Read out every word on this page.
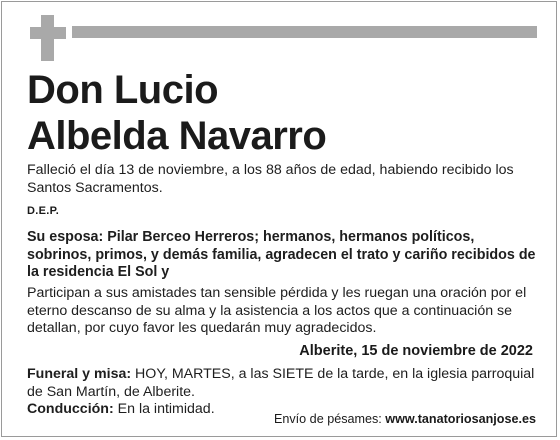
Don Lucio
Albelda Navarro

Falleció el día 13 de noviembre, a los 88 años de edad, habiendo recibido los Santos Sacramentos.

D.E.P.

Su esposa: Pilar Berceo Herreros; hermanos, hermanos políticos, sobrinos, primos, y demás familia, agradecen el trato y cariño recibidos de la residencia El Sol y

Participan a sus amistades tan sensible pérdida y les ruegan una oración por el eterno descanso de su alma y la asistencia a los actos que a continuación se detallan, por cuyo favor les quedarán muy agradecidos.

Alberite, 15 de noviembre de 2022

Funeral y misa: HOY, MARTES, a las SIETE de la tarde, en la iglesia parroquial de San Martín, de Alberite.

Conducción: En la intimidad.

Envío de pésames: www.tanatoriosanjose.es
